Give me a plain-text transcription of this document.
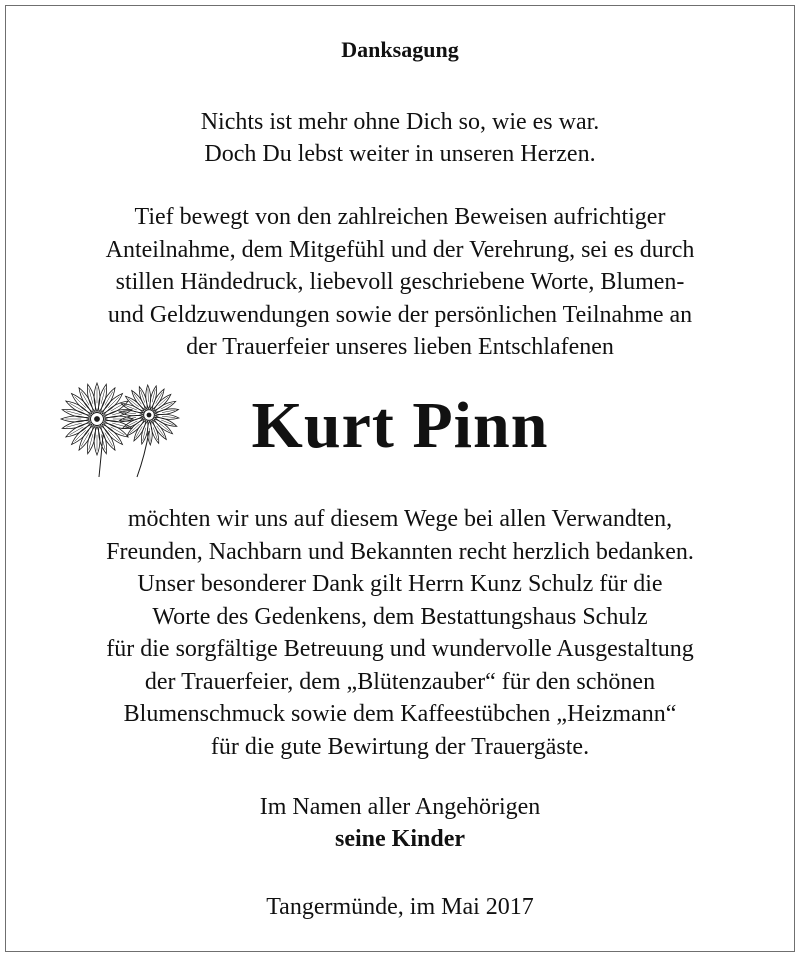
Danksagung
Nichts ist mehr ohne Dich so, wie es war.
Doch Du lebst weiter in unseren Herzen.
Tief bewegt von den zahlreichen Beweisen aufrichtiger
Anteilnahme, dem Mitgefühl und der Verehrung, sei es durch
stillen Händedruck, liebevoll geschriebene Worte, Blumen-
und Geldzuwendungen sowie der persönlichen Teilnahme an
der Trauerfeier unseres lieben Entschlafenen
Kurt Pinn
möchten wir uns auf diesem Wege bei allen Verwandten,
Freunden, Nachbarn und Bekannten recht herzlich bedanken.
Unser besonderer Dank gilt Herrn Kunz Schulz für die
Worte des Gedenkens, dem Bestattungshaus Schulz
für die sorgfältige Betreuung und wundervolle Ausgestaltung
der Trauerfeier, dem „Blütenzauber“ für den schönen
Blumenschmuck sowie dem Kaffeestübchen „Heizmann“
für die gute Bewirtung der Trauergäste.
Im Namen aller Angehörigen
seine Kinder
Tangermünde, im Mai 2017
